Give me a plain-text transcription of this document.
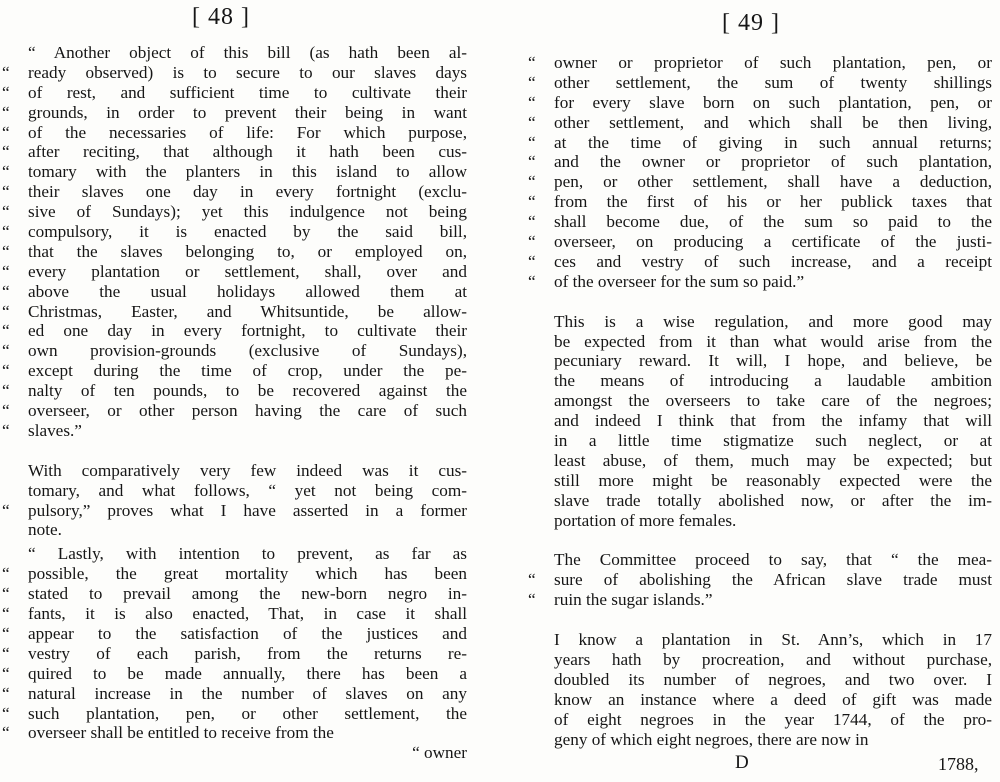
[ 48 ]
“ Another object of this bill (as hath been al-
“ ready observed) is to secure to our slaves days
“ of rest, and sufficient time to cultivate their
“ grounds, in order to prevent their being in want
“ of the necessaries of life: For which purpose,
“ after reciting, that although it hath been cus-
“ tomary with the planters in this island to allow
“ their slaves one day in every fortnight (exclu-
“ sive of Sundays); yet this indulgence not being
“ compulsory, it is enacted by the said bill,
“ that the slaves belonging to, or employed on,
“ every plantation or settlement, shall, over and
“ above the usual holidays allowed them at
“ Christmas, Easter, and Whitsuntide, be allow-
“ ed one day in every fortnight, to cultivate their
“ own provision-grounds (exclusive of Sundays),
“ except during the time of crop, under the pe-
“ nalty of ten pounds, to be recovered against the
“ overseer, or other person having the care of such
“ slaves.”
With comparatively very few indeed was it cus-
tomary, and what follows, “ yet not being com-
“ pulsory,” proves what I have asserted in a former
note.
“ Lastly, with intention to prevent, as far as
“ possible, the great mortality which has been
“ stated to prevail among the new-born negro in-
“ fants, it is also enacted, That, in case it shall
“ appear to the satisfaction of the justices and
“ vestry of each parish, from the returns re-
“ quired to be made annually, there has been a
“ natural increase in the number of slaves on any
“ such plantation, pen, or other settlement, the
“ overseer shall be entitled to receive from the
“ owner
[ 49 ]
“ owner or proprietor of such plantation, pen, or
“ other settlement, the sum of twenty shillings
“ for every slave born on such plantation, pen, or
“ other settlement, and which shall be then living,
“ at the time of giving in such annual returns;
“ and the owner or proprietor of such plantation,
“ pen, or other settlement, shall have a deduction,
“ from the first of his or her publick taxes that
“ shall become due, of the sum so paid to the
“ overseer, on producing a certificate of the justi-
“ ces and vestry of such increase, and a receipt
“ of the overseer for the sum so paid.”
This is a wise regulation, and more good may
be expected from it than what would arise from the
pecuniary reward. It will, I hope, and believe, be
the means of introducing a laudable ambition
amongst the overseers to take care of the negroes;
and indeed I think that from the infamy that will
in a little time stigmatize such neglect, or at
least abuse, of them, much may be expected; but
still more might be reasonably expected were the
slave trade totally abolished now, or after the im-
portation of more females.
The Committee proceed to say, that “ the mea-
“ sure of abolishing the African slave trade must
“ ruin the sugar islands.”
I know a plantation in St. Ann’s, which in 17
years hath by procreation, and without purchase,
doubled its number of negroes, and two over. I
know an instance where a deed of gift was made
of eight negroes in the year 1744, of the pro-
geny of which eight negroes, there are now in
D	1788,
